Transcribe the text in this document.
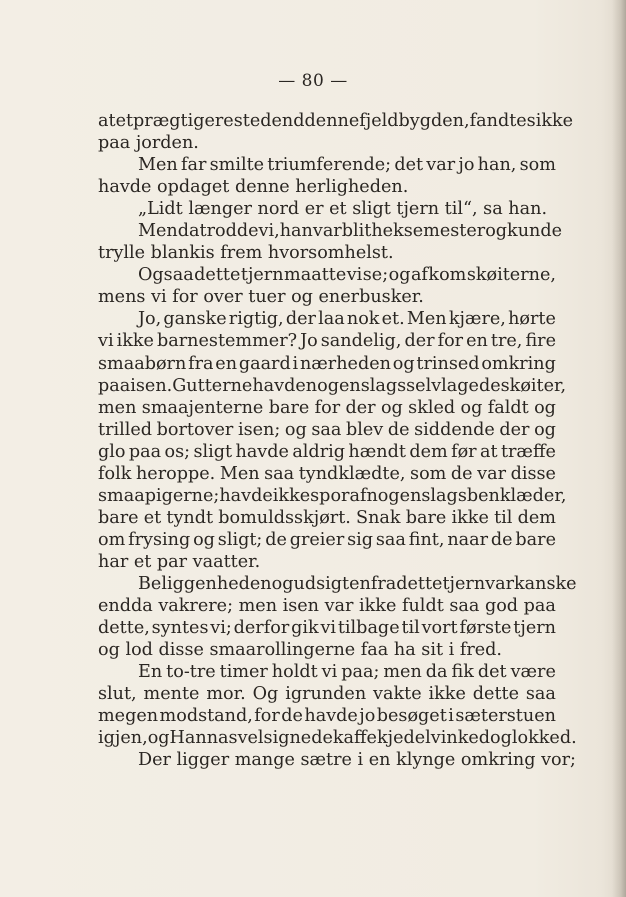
— 80 —
at et prægtigere sted end denne fjeldbygden, fandtes ikke
paa jorden.
Men far smilte triumferende; det var jo han, som
havde opdaget denne herligheden.
„Lidt længer nord er et sligt tjern til“, sa han.
Men da trodde vi, han var blit heksemester og kunde
trylle blankis frem hvorsomhelst.
Ogsaa dette tjern maatte vi se; og af kom skøiterne,
mens vi for over tuer og enerbusker.
Jo, ganske rigtig, der laa nok et. Men kjære, hørte
vi ikke barnestemmer? Jo sandelig, der for en tre, fire
smaabørn fra en gaard i nærheden og trinsed omkring
paa isen. Gutterne havde nogen slags selvlagede skøiter,
men smaajenterne bare for der og skled og faldt og
trilled bortover isen; og saa blev de siddende der og
glo paa os; sligt havde aldrig hændt dem før at træffe
folk heroppe. Men saa tyndklædte, som de var disse
smaapigerne; havde ikke spor af nogen slags benklæder,
bare et tyndt bomuldsskjørt. Snak bare ikke til dem
om frysing og sligt; de greier sig saa fint, naar de bare
har et par vaatter.
Beliggenheden og udsigten fra dette tjern var kanske
endda vakrere; men isen var ikke fuldt saa god paa
dette, syntes vi; derfor gik vi tilbage til vort første tjern
og lod disse smaarollingerne faa ha sit i fred.
En to-tre timer holdt vi paa; men da fik det være
slut, mente mor. Og igrunden vakte ikke dette saa
megen modstand, for de havde jo besøget i sæterstuen
igjen, og Hannas velsignede kaffekjedel vinked og lokked.
Der ligger mange sætre i en klynge omkring vor;
